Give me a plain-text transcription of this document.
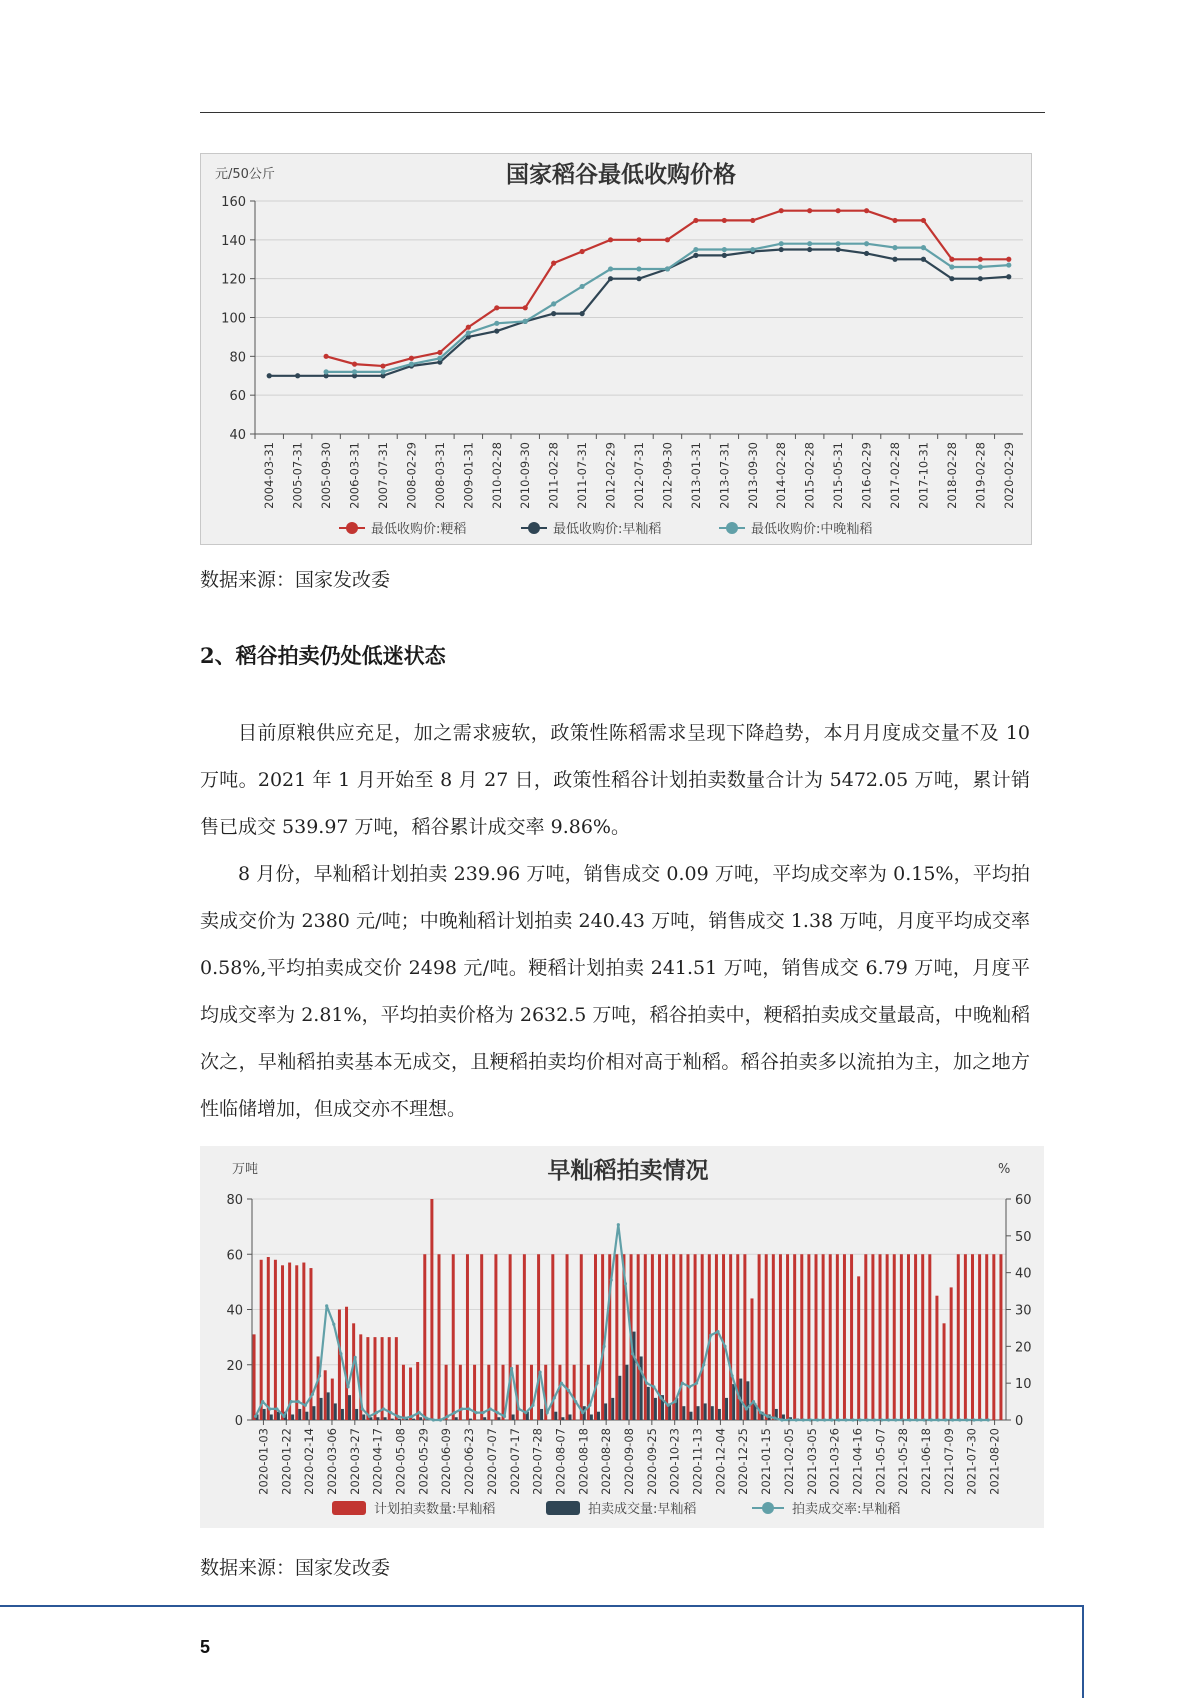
国家稻谷最低收购价格
元/50公斤
40
60
80
100
120
140
160
2004-03-31 2005-07-31 2005-09-30 2006-03-31 2007-07-31 2008-02-29 2008-03-31 2009-01-31 2010-02-28 2010-09-30 2011-02-28 2011-07-31 2012-02-29 2012-07-31 2012-09-30 2013-01-31 2013-07-31 2013-09-30 2014-02-28 2015-02-28 2015-05-31 2016-02-29 2017-02-28 2017-10-31 2018-02-28 2019-02-28 2020-02-29
最低收购价:粳稻	最低收购价:早籼稻	最低收购价:中晚籼稻
数据来源：国家发改委
2、稻谷拍卖仍处低迷状态

目前原粮供应充足，加之需求疲软，政策性陈稻需求呈现下降趋势，本月月度成交量不及 10 万吨。2021 年 1 月开始至 8 月 27 日，政策性稻谷计划拍卖数量合计为 5472.05 万吨，累计销售已成交 539.97 万吨，稻谷累计成交率 9.86%。

8 月份，早籼稻计划拍卖 239.96 万吨，销售成交 0.09 万吨，平均成交率为 0.15%，平均拍卖成交价为 2380 元/吨；中晚籼稻计划拍卖 240.43 万吨，销售成交 1.38 万吨，月度平均成交率 0.58%,平均拍卖成交价 2498 元/吨。粳稻计划拍卖 241.51 万吨，销售成交 6.79 万吨，月度平均成交率为 2.81%，平均拍卖价格为 2632.5 万吨，稻谷拍卖中，粳稻拍卖成交量最高，中晚籼稻次之，早籼稻拍卖基本无成交，且粳稻拍卖均价相对高于籼稻。稻谷拍卖多以流拍为主，加之地方性临储增加，但成交亦不理想。

早籼稻拍卖情况
万吨	%
0
20
40
60
80
0
10
20
30
40
50
60
2020-01-03 2020-01-22 2020-02-14 2020-03-06 2020-03-27 2020-04-17 2020-05-08 2020-05-29 2020-06-09 2020-06-23 2020-07-07 2020-07-17 2020-07-28 2020-08-07 2020-08-18 2020-08-28 2020-09-08 2020-09-25 2020-10-23 2020-11-13 2020-12-04 2020-12-25 2021-01-15 2021-02-05 2021-03-05 2021-03-26 2021-04-16 2021-05-07 2021-05-28 2021-06-18 2021-07-09 2021-07-30 2021-08-20
计划拍卖数量:早籼稻	拍卖成交量:早籼稻	拍卖成交率:早籼稻
数据来源：国家发改委
5
